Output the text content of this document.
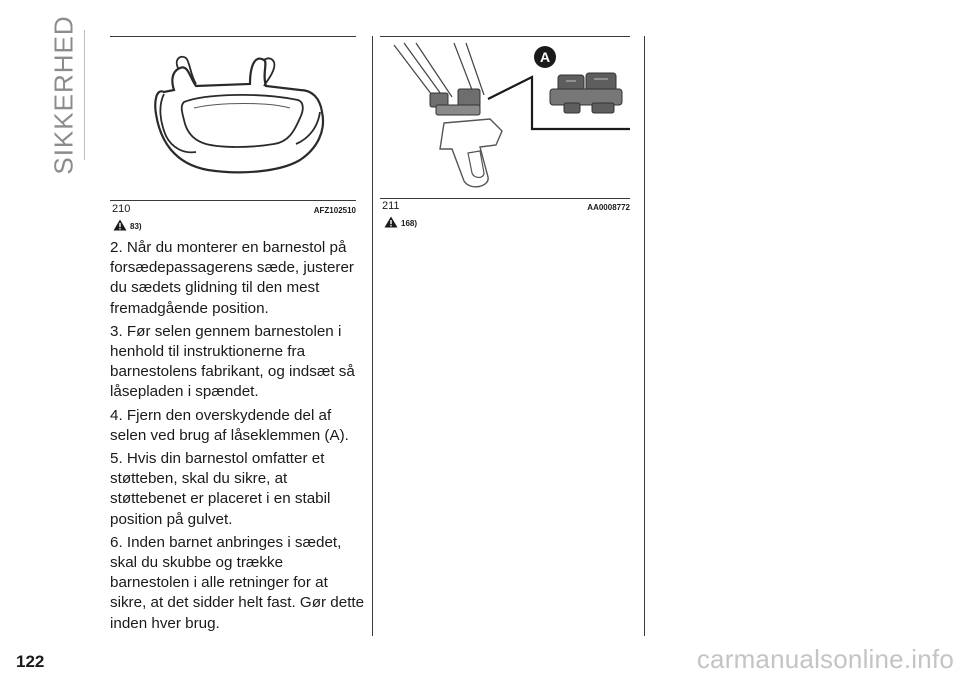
SIKKERHED
210	AFZ102510
83)

2. Når du monterer en barnestol på forsædepassagerens sæde, justerer du sædets glidning til den mest fremadgående position.

3. Før selen gennem barnestolen i henhold til instruktionerne fra barnestolens fabrikant, og indsæt så låsepladen i spændet.

4. Fjern den overskydende del af selen ved brug af låseklemmen (A).

5. Hvis din barnestol omfatter et støtteben, skal du sikre, at støttebenet er placeret i en stabil position på gulvet.

6. Inden barnet anbringes i sædet, skal du skubbe og trække barnestolen i alle retninger for at sikre, at det sidder helt fast. Gør dette inden hver brug.

A
211	AA0008772
168)
122	carmanualsonline.info
